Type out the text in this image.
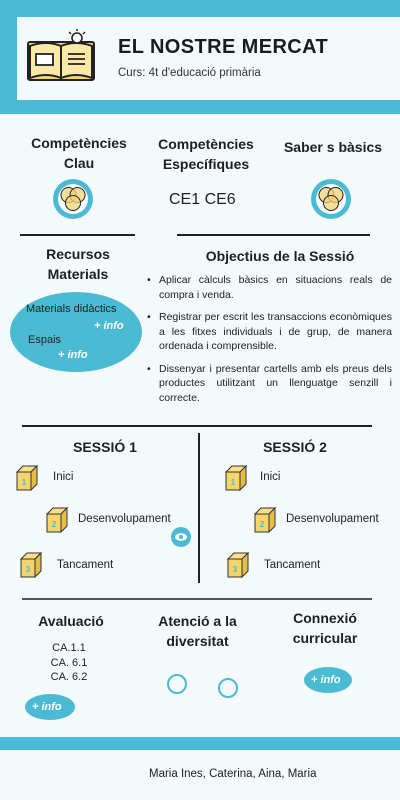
EL NOSTRE MERCAT
Curs: 4t d'educació primària
Competències
Clau
Competències
Específiques
CE1 CE6
Saber s bàsics
Recursos
Materials
Materials didàctics
+ info
Espais
+ info
Objectius de la Sessió
• Aplicar càlculs bàsics en situacions reals de compra i venda.
• Registrar per escrit les transaccions econòmiques a les fitxes individuals i de grup, de manera ordenada i comprensible.
• Dissenyar i presentar cartells amb els preus dels productes utilitzant un llenguatge senzill i correcte.
SESSIÓ 1	SESSIÓ 2
1 Inici
2 Desenvolupament
3 Tancament
1 Inici
2 Desenvolupament
3 Tancament
Avaluació
CA.1.1
CA. 6.1
CA. 6.2
+ info
Atenció a la
diversitat
Connexió
curricular
+ info
Maria Ines, Caterina, Aina, Maria
